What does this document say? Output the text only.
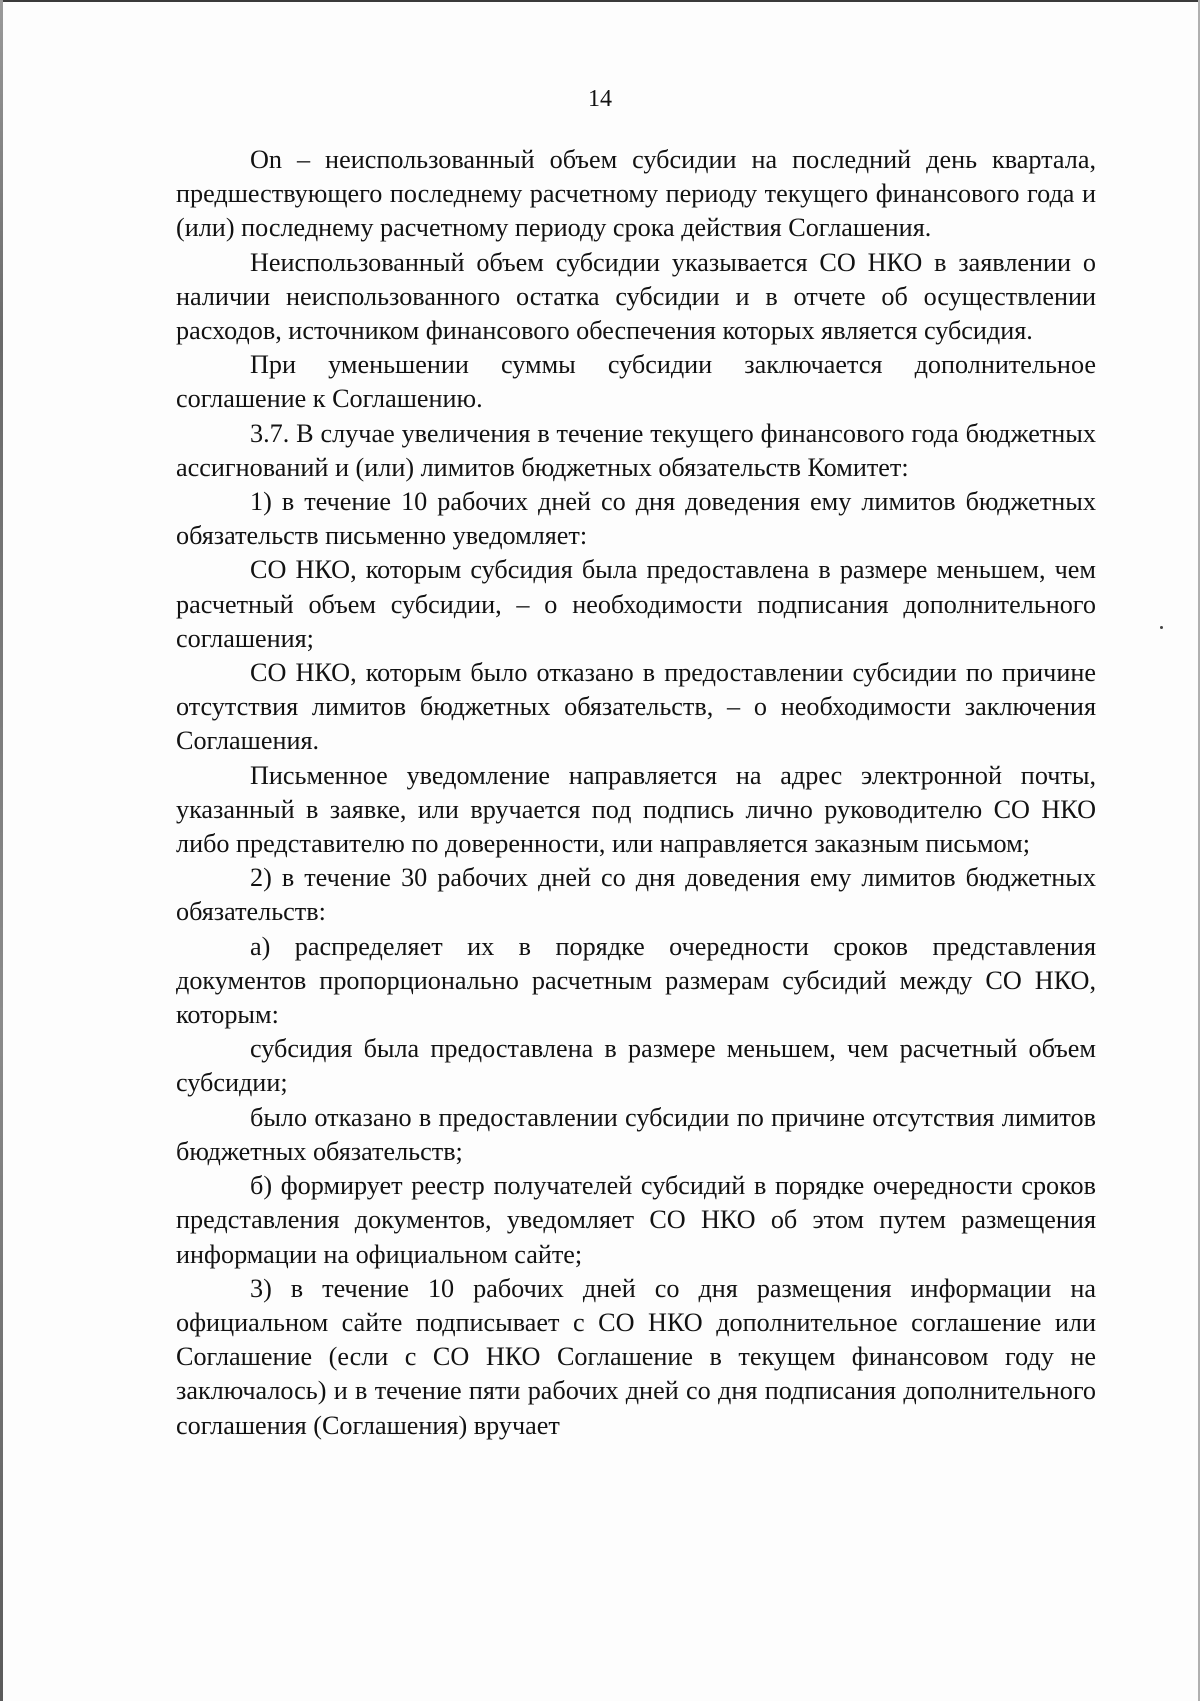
14

On – неиспользованный объем субсидии на последний день квартала, предшествующего последнему расчетному периоду текущего финансового года и (или) последнему расчетному периоду срока действия Соглашения.

Неиспользованный объем субсидии указывается СО НКО в заявлении о наличии неиспользованного остатка субсидии и в отчете об осуществлении расходов, источником финансового обеспечения которых является субсидия.

При уменьшении суммы субсидии заключается дополнительное соглашение к Соглашению.

3.7. В случае увеличения в течение текущего финансового года бюджетных ассигнований и (или) лимитов бюджетных обязательств Комитет:

1) в течение 10 рабочих дней со дня доведения ему лимитов бюджетных обязательств письменно уведомляет:

СО НКО, которым субсидия была предоставлена в размере меньшем, чем расчетный объем субсидии, – о необходимости подписания дополнительного соглашения;

СО НКО, которым было отказано в предоставлении субсидии по причине отсутствия лимитов бюджетных обязательств, – о необходимости заключения Соглашения.

Письменное уведомление направляется на адрес электронной почты, указанный в заявке, или вручается под подпись лично руководителю СО НКО либо представителю по доверенности, или направляется заказным письмом;

2) в течение 30 рабочих дней со дня доведения ему лимитов бюджетных обязательств:

а) распределяет их в порядке очередности сроков представления документов пропорционально расчетным размерам субсидий между СО НКО, которым:

субсидия была предоставлена в размере меньшем, чем расчетный объем субсидии;

было отказано в предоставлении субсидии по причине отсутствия лимитов бюджетных обязательств;

б) формирует реестр получателей субсидий в порядке очередности сроков представления документов, уведомляет СО НКО об этом путем размещения информации на официальном сайте;

3) в течение 10 рабочих дней со дня размещения информации на официальном сайте подписывает с СО НКО дополнительное соглашение или Соглашение (если с СО НКО Соглашение в текущем финансовом году не заключалось) и в течение пяти рабочих дней со дня подписания дополнительного соглашения (Соглашения) вручает
